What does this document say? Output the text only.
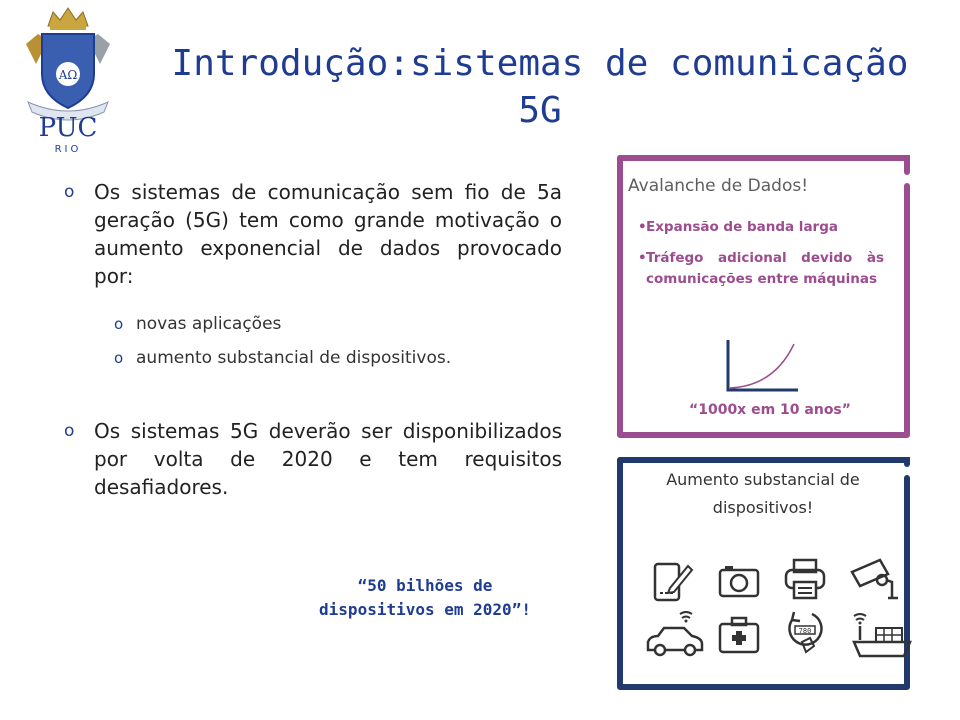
ΑΩ
PUC
RIO
Introdução:sistemas de comunicação
5G
o Os sistemas de comunicação sem fio de 5a geração (5G) tem como grande motivação o aumento exponencial de dados provocado por:
o novas aplicações
o aumento substancial de dispositivos.
o Os sistemas 5G deverão ser disponibilizados por volta de 2020 e tem requisitos desafiadores.
“50 bilhões de
dispositivos em 2020”!
Avalanche de Dados!
• Expansão de banda larga
• Tráfego adicional devido às comunicações entre máquinas
“1000x em 10 anos”
Aumento substancial de
dispositivos!
780
